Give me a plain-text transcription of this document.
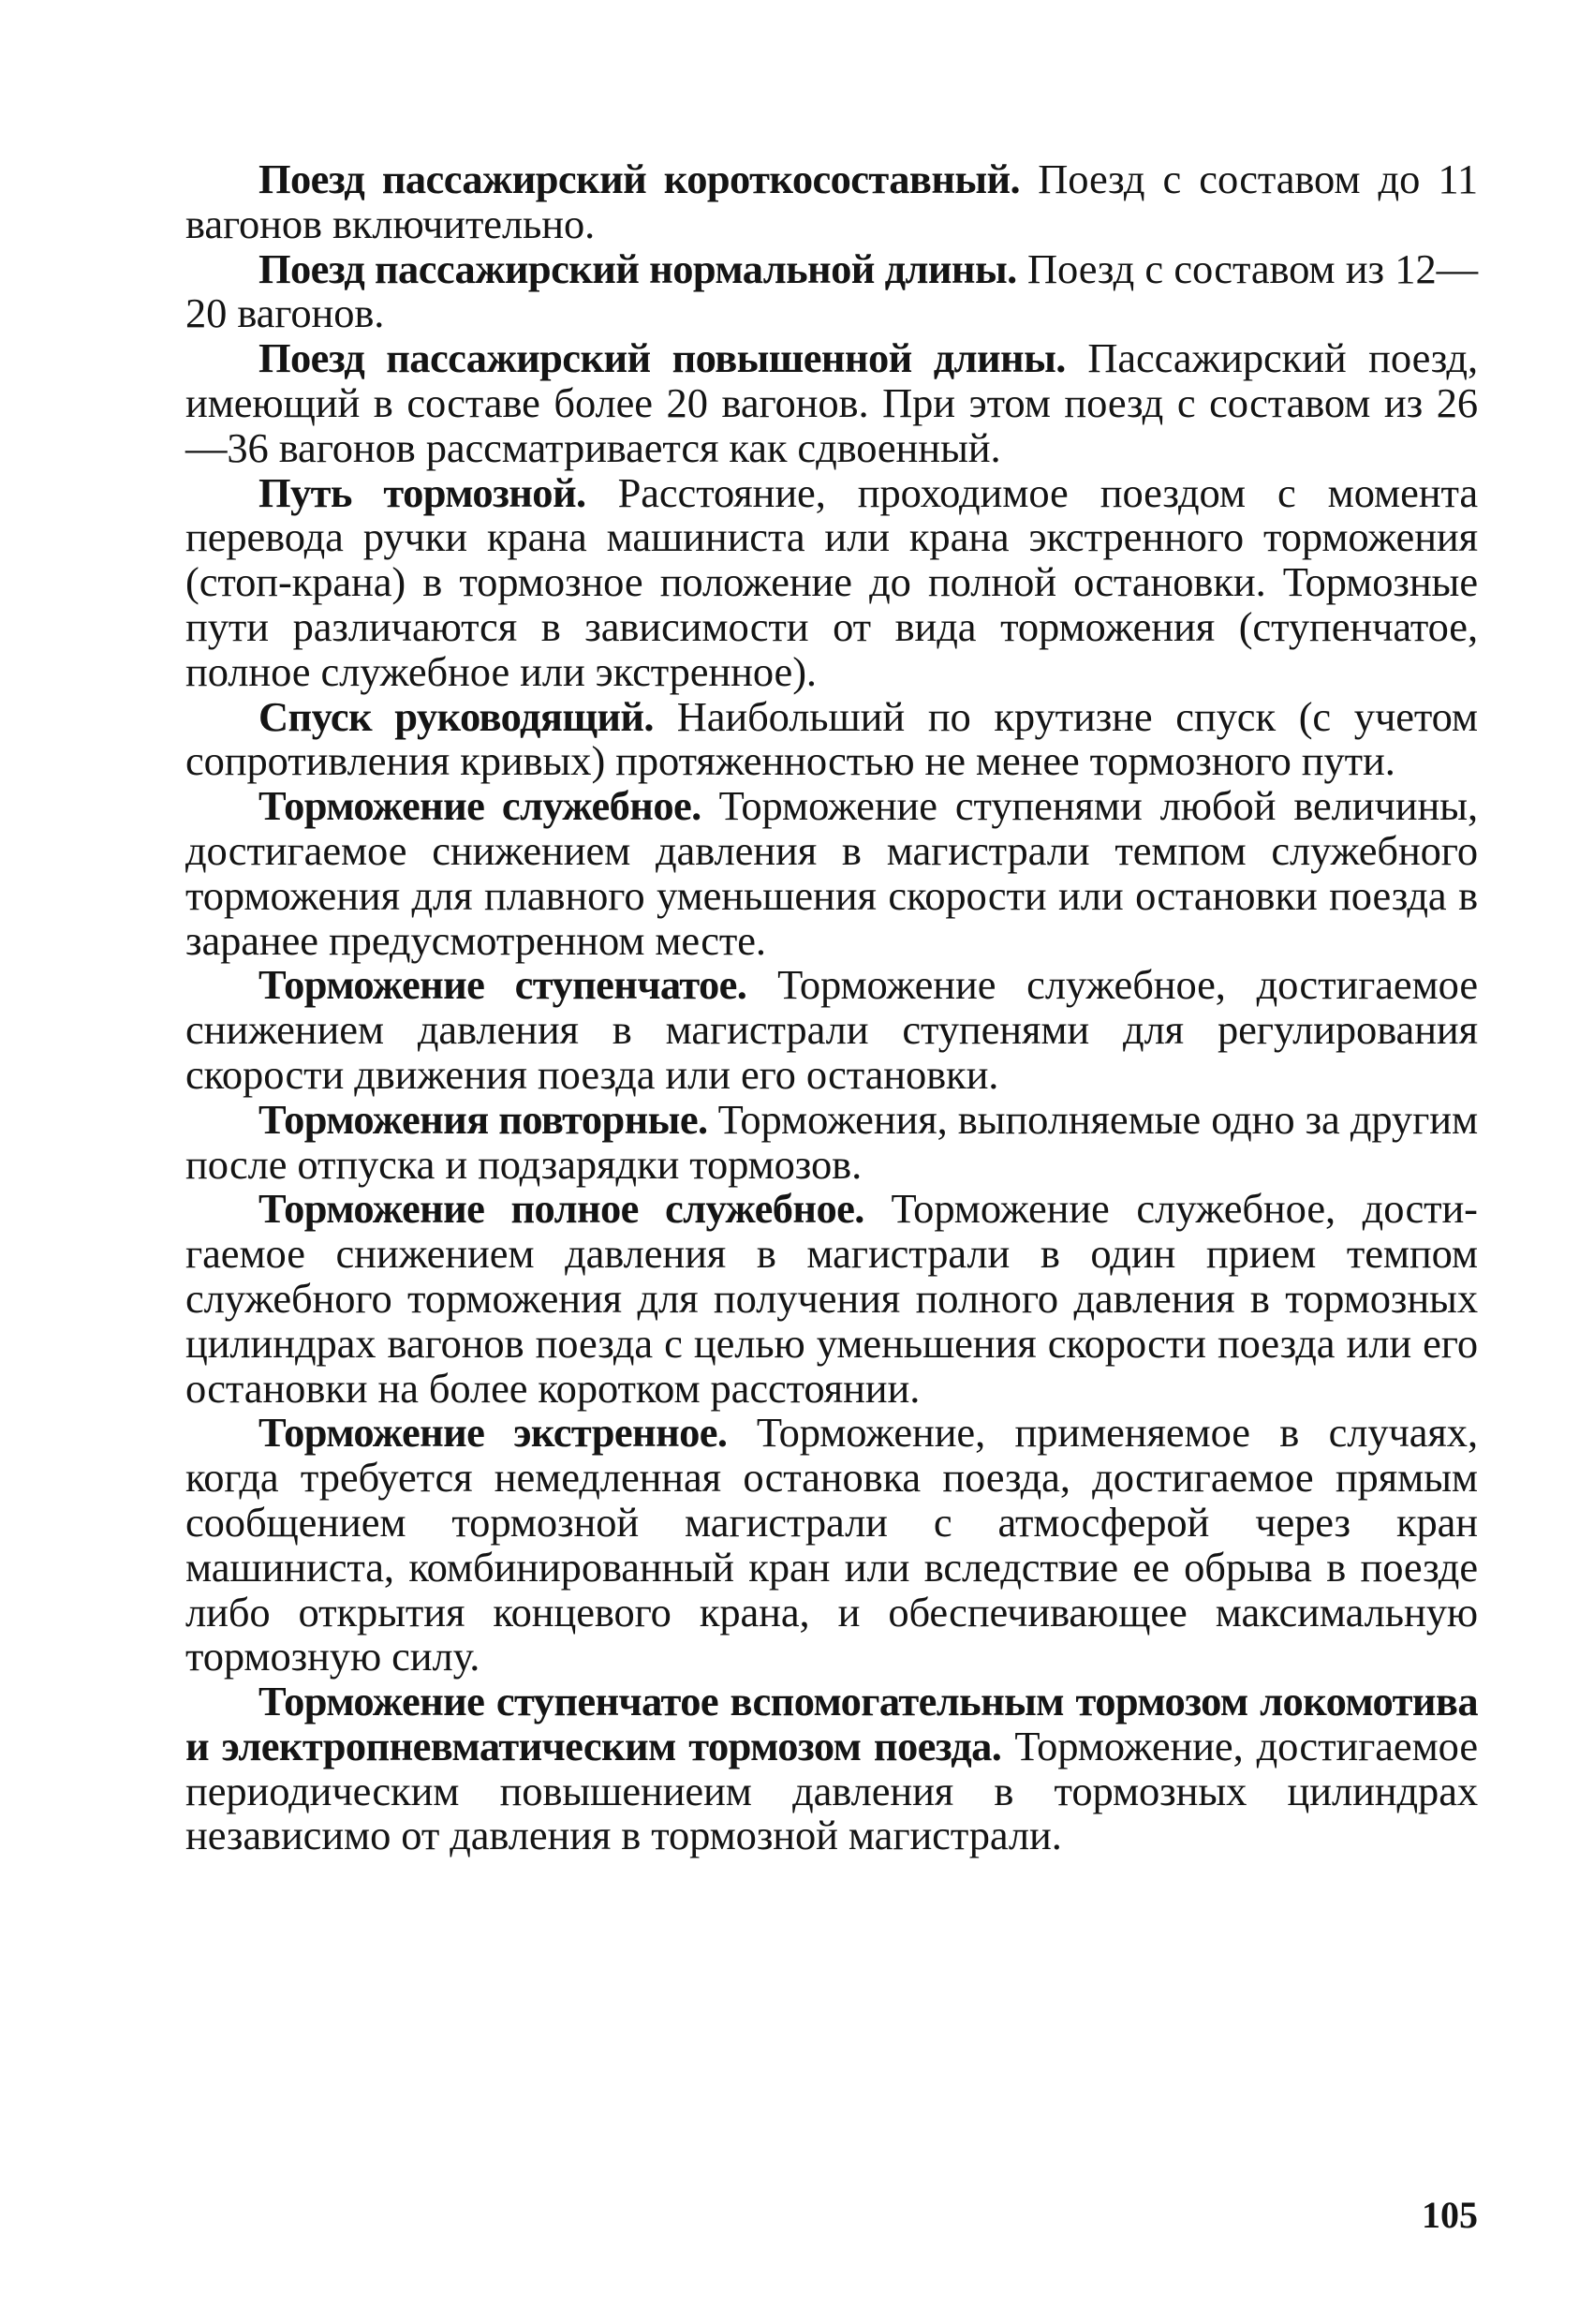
Поезд пассажирский короткосоставный. Поезд с составом до 11 вагонов включительно.

Поезд пассажирский нормальной длины. Поезд с составом из 12—20 вагонов.

Поезд пассажирский повышенной длины. Пассажирский поезд, имеющий в составе более 20 вагонов. При этом поезд с составом из 26—36 вагонов рассматривается как сдвоенный.

Путь тормозной. Расстояние, проходимое поездом с момента перевода ручки крана машиниста или крана экстренного торможения (стоп-крана) в тормозное положение до полной остановки. Тормозные пути различаются в зависимости от вида торможения (ступенчатое, полное служебное или экстренное).

Спуск руководящий. Наибольший по крутизне спуск (с учетом сопротивления кривых) протяженностью не менее тормозного пути.

Торможение служебное. Торможение ступенями любой величины, достигаемое снижением давления в магистрали темпом служебного торможения для плавного уменьшения скорости или остановки поезда в заранее предусмотренном месте.

Торможение ступенчатое. Торможение служебное, достигаемое снижением давления в магистрали ступенями для регулирования скорости движения поезда или его остановки.

Торможения повторные. Торможения, выполняемые одно за другим после отпуска и подзарядки тормозов.

Торможение полное служебное. Торможение служебное, достигаемое снижением давления в магистрали в один прием темпом служебного торможения для получения полного давления в тормозных цилиндрах вагонов поезда с целью уменьшения скорости поезда или его остановки на более коротком расстоянии.

Торможение экстренное. Торможение, применяемое в случаях, когда требуется немедленная остановка поезда, достигаемое прямым сообщением тормозной магистрали с атмосферой через кран машиниста, комбинированный кран или вследствие ее обрыва в поезде либо открытия концевого крана, и обеспечивающее максимальную тормозную силу.

Торможение ступенчатое вспомогательным тормозом локомотива и электропневматическим тормозом поезда. Торможение, достигаемое периодическим повышениeим давления в тормозных цилиндрах независимо от давления в тормозной магистрали.

105
